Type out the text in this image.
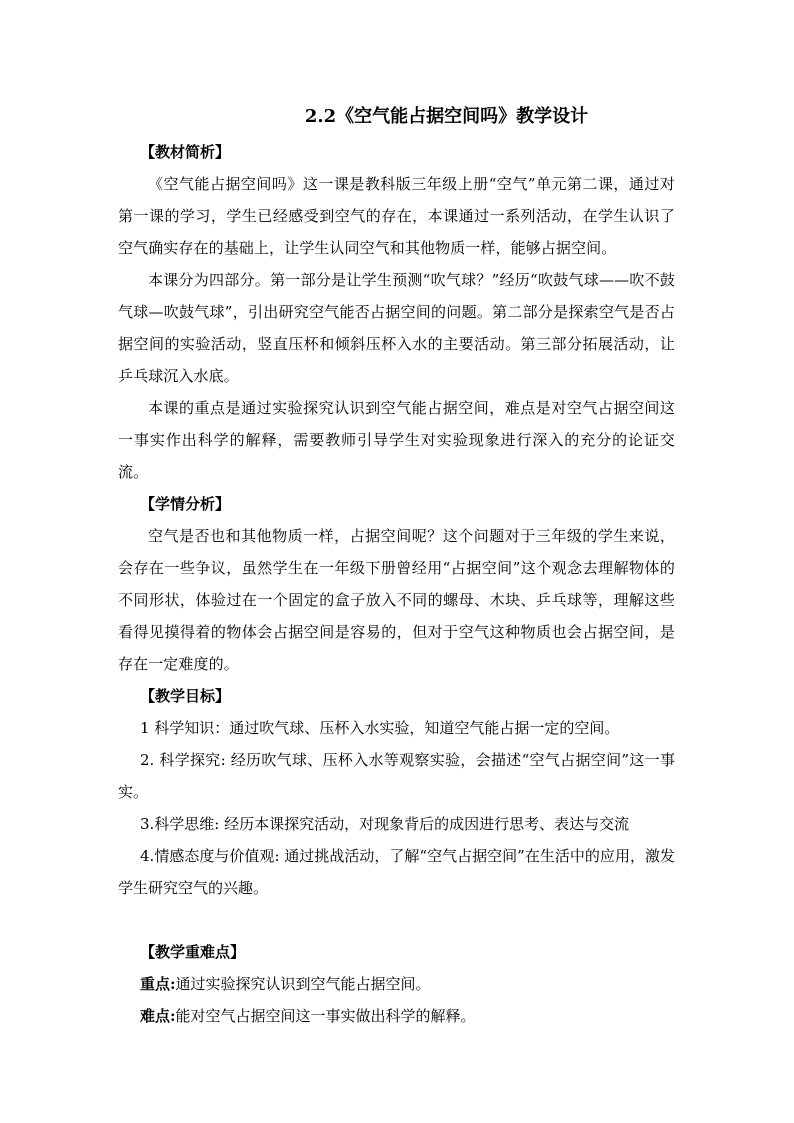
2.2《空气能占据空间吗》教学设计
【教材简析】

《空气能占据空间吗》这一课是教科版三年级上册“空气”单元第二课，通过对第一课的学习，学生已经感受到空气的存在，本课通过一系列活动，在学生认识了空气确实存在的基础上，让学生认同空气和其他物质一样，能够占据空间。

本课分为四部分。第一部分是让学生预测“吹气球？”经历“吹鼓气球——吹不鼓气球—吹鼓气球”，引出研究空气能否占据空间的问题。第二部分是探索空气是否占据空间的实验活动，竖直压杯和倾斜压杯入水的主要活动。第三部分拓展活动，让乒乓球沉入水底。

本课的重点是通过实验探究认识到空气能占据空间，难点是对空气占据空间这一事实作出科学的解释，需要教师引导学生对实验现象进行深入的充分的论证交流。

【学情分析】

空气是否也和其他物质一样，占据空间呢？这个问题对于三年级的学生来说，会存在一些争议，虽然学生在一年级下册曾经用“占据空间”这个观念去理解物体的不同形状，体验过在一个固定的盒子放入不同的螺母、木块、乒乓球等，理解这些看得见摸得着的物体会占据空间是容易的，但对于空气这种物质也会占据空间，是存在一定难度的。

【教学目标】

1 科学知识：通过吹气球、压杯入水实验，知道空气能占据一定的空间。

2. 科学探究: 经历吹气球、压杯入水等观察实验，会描述“空气占据空间”这一事实。

3.科学思维: 经历本课探究活动，对现象背后的成因进行思考、表达与交流

4.情感态度与价值观: 通过挑战活动，了解“空气占据空间”在生活中的应用，激发学生研究空气的兴趣。

【教学重难点】

重点:通过实验探究认识到空气能占据空间。

难点:能对空气占据空间这一事实做出科学的解释。
